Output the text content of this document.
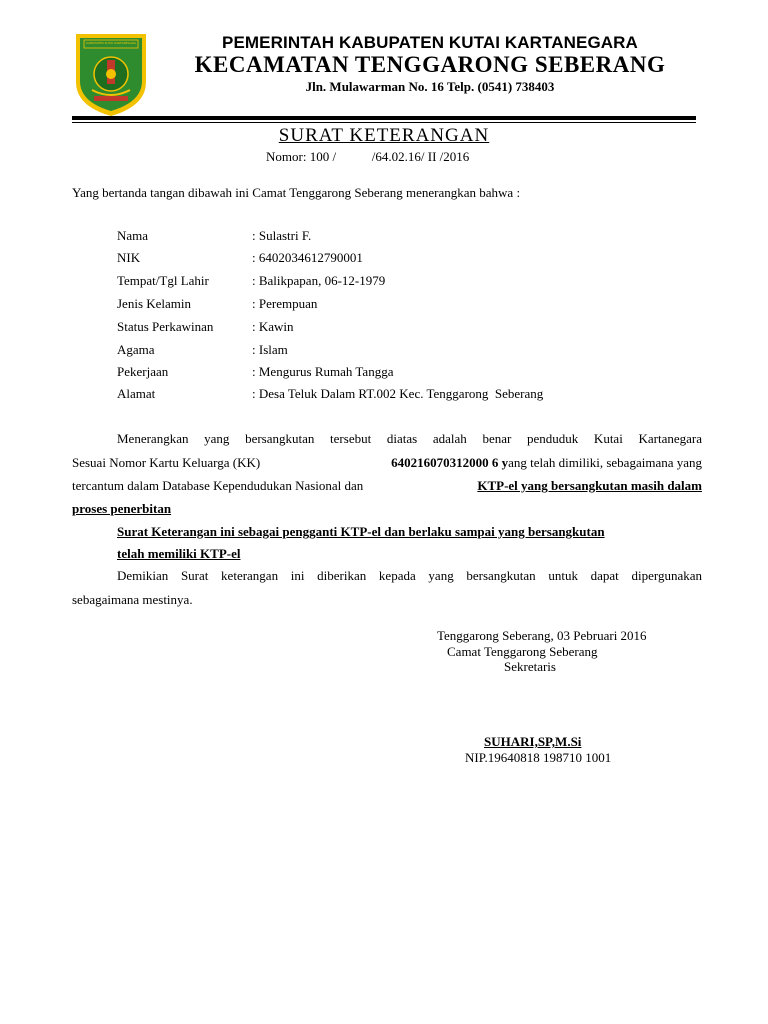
KABUPATEN KUTAI KARTANEGARA	PEMERINTAH KABUPATEN KUTAI KARTANEGARA
KECAMATAN TENGGARONG SEBERANG
Jln. Mulawarman No. 16 Telp. (0541) 738403
SURAT KETERANGAN
Nomor: 100 /           /64.02.16/ II /2016
Yang bertanda tangan dibawah ini Camat Tenggarong Seberang menerangkan bahwa :
Nama	: Sulastri F.
NIK	: 6402034612790001
Tempat/Tgl Lahir	: Balikpapan, 06-12-1979
Jenis Kelamin	: Perempuan
Status Perkawinan	: Kawin
Agama	: Islam
Pekerjaan	: Mengurus Rumah Tangga
Alamat	: Desa Teluk Dalam RT.002 Kec. Tenggarong  Seberang
Menerangkan yang bersangkutan tersebut diatas adalah benar penduduk Kutai Kartanegara
Sesuai Nomor Kartu Keluarga (KK)	640216070312000 6 y ang telah dimiliki, sebagaimana yang
tercantum dalam Database Kependudukan Nasional dan	KTP-el yang bersangkutan masih dalam
proses penerbitan
Surat Keterangan ini sebagai pengganti KTP-el dan berlaku sampai yang bersangkutan
telah memiliki KTP-el
Demikian Surat keterangan ini diberikan kepada yang bersangkutan untuk dapat dipergunakan
sebagaimana mestinya.
Tenggarong Seberang, 03 Pebruari 2016
Camat Tenggarong Seberang
Sekretaris
SUHARI,SP,M.Si
NIP.19640818 198710 1001
